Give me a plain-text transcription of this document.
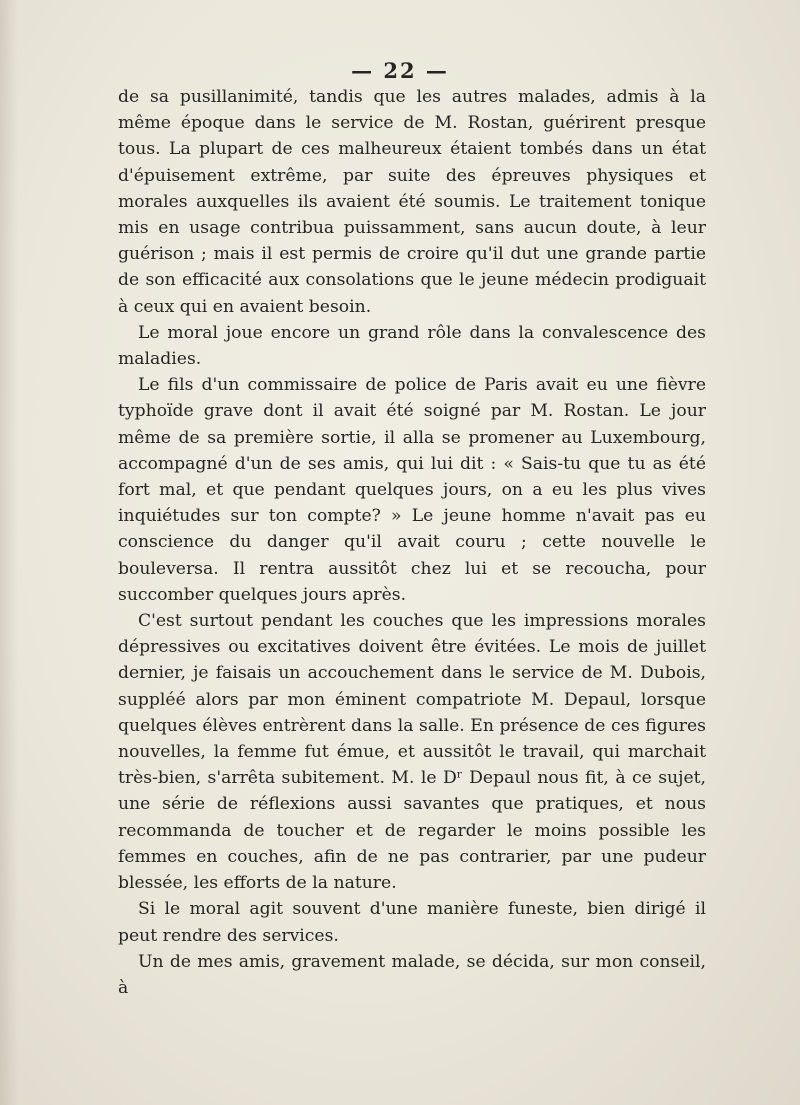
— 22 —

de sa pusillanimité, tandis que les autres malades, admis à la même époque dans le service de M. Rostan, guérirent presque tous. La plupart de ces malheureux étaient tombés dans un état d'épuisement extrême, par suite des épreuves physiques et morales auxquelles ils avaient été soumis. Le traitement tonique mis en usage contribua puissamment, sans aucun doute, à leur guérison ; mais il est permis de croire qu'il dut une grande partie de son efficacité aux consolations que le jeune médecin prodiguait à ceux qui en avaient besoin.

Le moral joue encore un grand rôle dans la convalescence des maladies.

Le fils d'un commissaire de police de Paris avait eu une fièvre typhoïde grave dont il avait été soigné par M. Rostan. Le jour même de sa première sortie, il alla se promener au Luxembourg, accompagné d'un de ses amis, qui lui dit : « Sais-tu que tu as été fort mal, et que pendant quelques jours, on a eu les plus vives inquiétudes sur ton compte? » Le jeune homme n'avait pas eu conscience du danger qu'il avait couru ; cette nouvelle le bouleversa. Il rentra aussitôt chez lui et se recoucha, pour succomber quelques jours après.

C'est surtout pendant les couches que les impressions morales dépressives ou excitatives doivent être évitées. Le mois de juillet dernier, je faisais un accouchement dans le service de M. Dubois, suppléé alors par mon éminent compatriote M. Depaul, lorsque quelques élèves entrèrent dans la salle. En présence de ces figures nouvelles, la femme fut émue, et aussitôt le travail, qui marchait très-bien, s'arrêta subitement. M. le Dʳ Depaul nous fit, à ce sujet, une série de réflexions aussi savantes que pratiques, et nous recommanda de toucher et de regarder le moins possible les femmes en couches, afin de ne pas contrarier, par une pudeur blessée, les efforts de la nature.

Si le moral agit souvent d'une manière funeste, bien dirigé il peut rendre des services.

Un de mes amis, gravement malade, se décida, sur mon conseil, à
